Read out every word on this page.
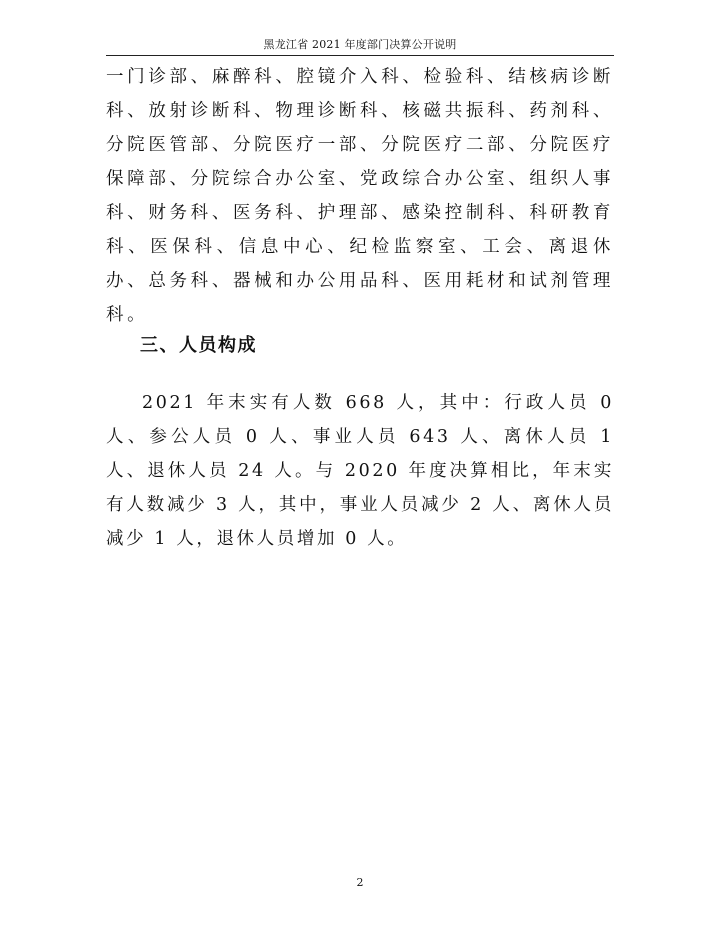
黑龙江省 2021 年度部门决算公开说明

一门诊部、麻醉科、腔镜介入科、检验科、结核病诊断科、放射诊断科、物理诊断科、核磁共振科、药剂科、分院医管部、分院医疗一部、分院医疗二部、分院医疗保障部、分院综合办公室、党政综合办公室、组织人事科、财务科、医务科、护理部、感染控制科、科研教育科、医保科、信息中心、纪检监察室、工会、离退休办、总务科、器械和办公用品科、医用耗材和试剂管理科。

三、人员构成

2021 年末实有人数 668 人，其中：行政人员 0 人、参公人员 0 人、事业人员 643 人、离休人员 1 人、退休人员 24 人。与 2020 年度决算相比，年末实有人数减少 3 人，其中，事业人员减少 2 人、离休人员减少 1 人，退休人员增加 0 人。

2
